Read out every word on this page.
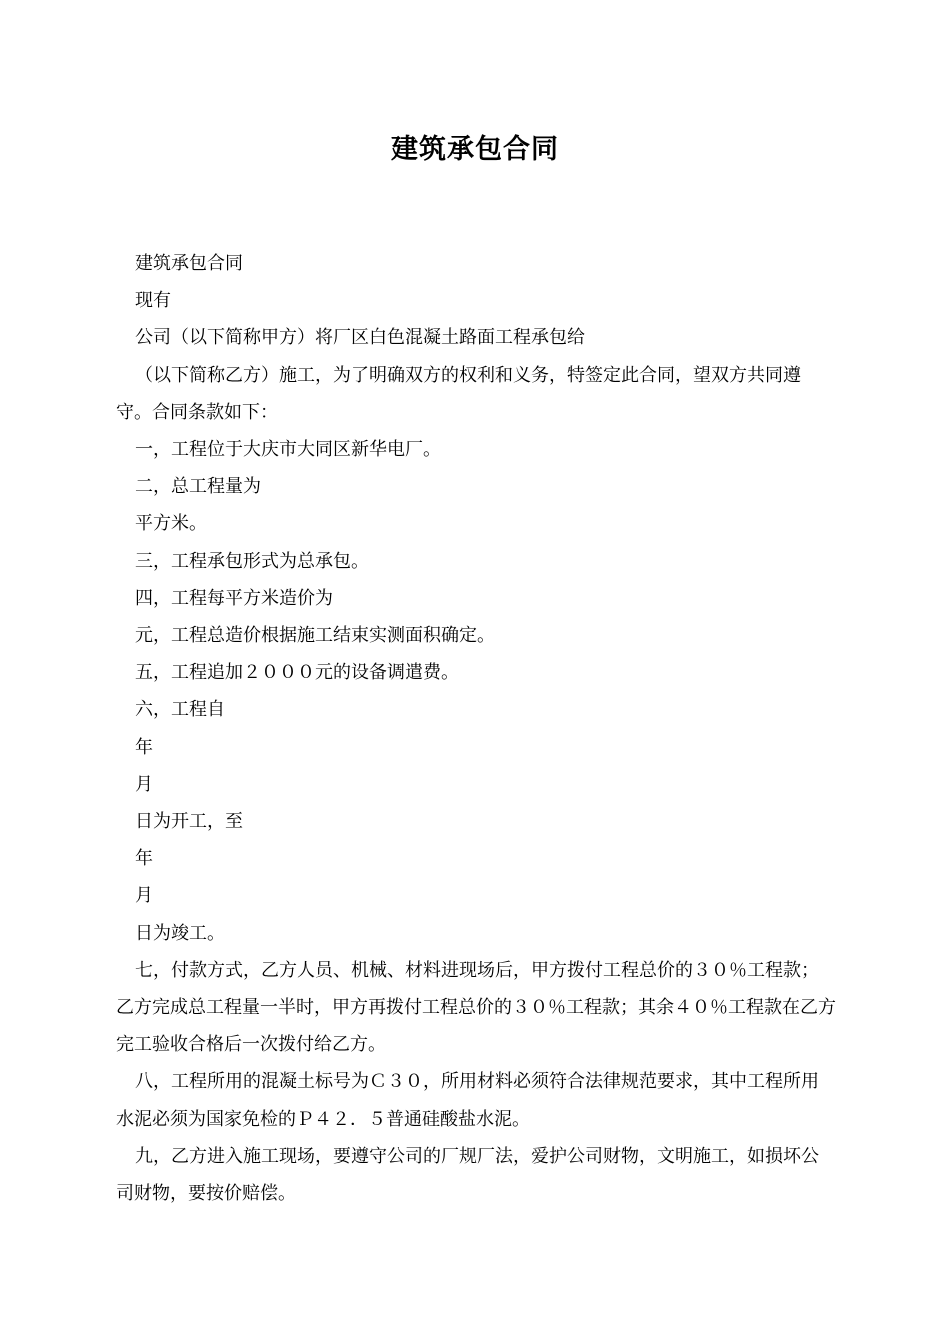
建筑承包合同

建筑承包合同

现有

公司（以下简称甲方）将厂区白色混凝土路面工程承包给

（以下简称乙方）施工，为了明确双方的权利和义务，特签定此合同，望双方共同遵守。合同条款如下：

一，工程位于大庆市大同区新华电厂。

二，总工程量为

平方米。

三，工程承包形式为总承包。

四，工程每平方米造价为

元，工程总造价根据施工结束实测面积确定。

五，工程追加２０００元的设备调遣费。

六，工程自

年

月

日为开工，至

年

月

日为竣工。

七，付款方式，乙方人员、机械、材料进现场后，甲方拨付工程总价的３０％工程款；乙方完成总工程量一半时，甲方再拨付工程总价的３０％工程款；其余４０％工程款在乙方完工验收合格后一次拨付给乙方。

八，工程所用的混凝土标号为Ｃ３０，所用材料必须符合法律规范要求，其中工程所用水泥必须为国家免检的Ｐ４２．５普通硅酸盐水泥。

九，乙方进入施工现场，要遵守公司的厂规厂法，爱护公司财物，文明施工，如损坏公司财物，要按价赔偿。
